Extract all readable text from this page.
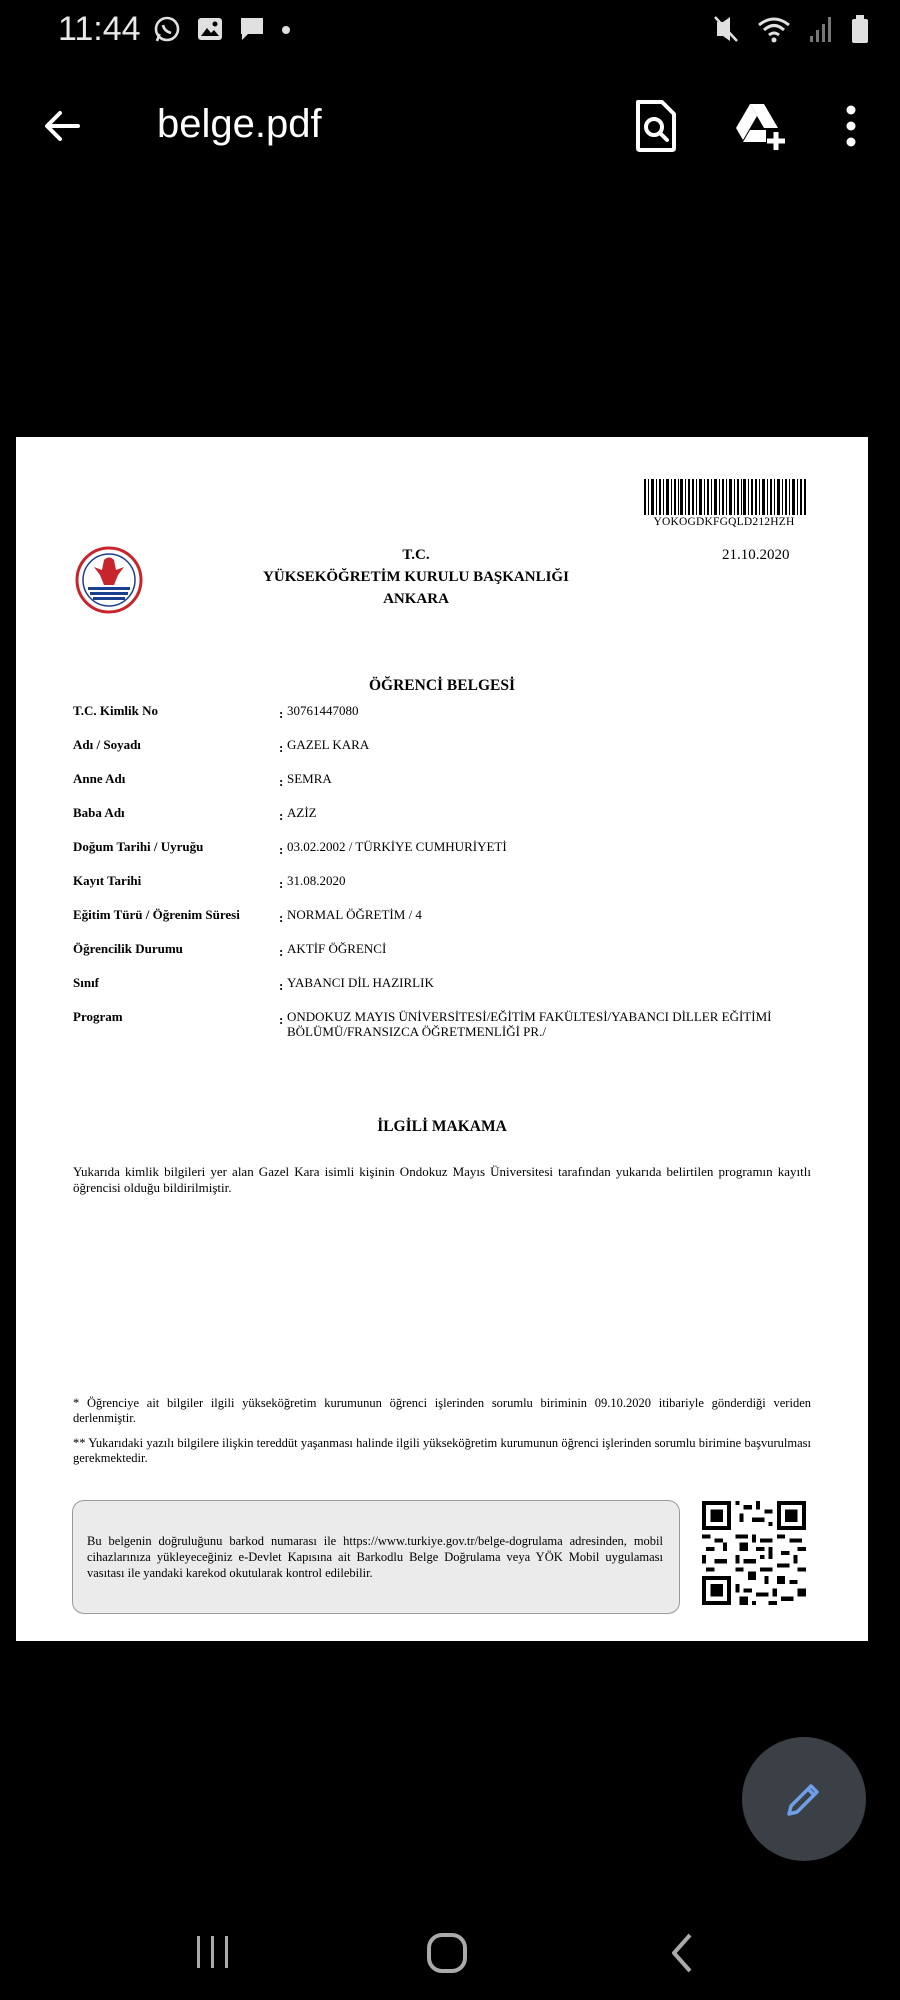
11:44
belge.pdf
YOKOGDKFGQLD212HZH
21.10.2020
T.C.
YÜKSEKÖĞRETİM KURULU BAŞKANLIĞI
ANKARA
ÖĞRENCİ BELGESİ
T.C. Kimlik No	: 30761447080
Adı / Soyadı	: GAZEL KARA
Anne Adı	: SEMRA
Baba Adı	: AZİZ
Doğum Tarihi / Uyruğu	: 03.02.2002 / TÜRKİYE CUMHURİYETİ
Kayıt Tarihi	: 31.08.2020
Eğitim Türü / Öğrenim Süresi	: NORMAL ÖĞRETİM / 4
Öğrencilik Durumu	: AKTİF ÖĞRENCİ
Sınıf	: YABANCI DİL HAZIRLIK
Program	: ONDOKUZ MAYIS ÜNİVERSİTESİ/EĞİTİM FAKÜLTESİ/YABANCI DİLLER EĞİTİMİ BÖLÜMÜ/FRANSIZCA ÖĞRETMENLİĞİ PR./
İLGİLİ MAKAMA
Yukarıda kimlik bilgileri yer alan Gazel Kara isimli kişinin Ondokuz Mayıs Üniversitesi tarafından yukarıda belirtilen programın kayıtlı öğrencisi olduğu bildirilmiştir.
* Öğrenciye ait bilgiler ilgili yükseköğretim kurumunun öğrenci işlerinden sorumlu biriminin 09.10.2020 itibariyle gönderdiği veriden derlenmiştir.
** Yukarıdaki yazılı bilgilere ilişkin tereddüt yaşanması halinde ilgili yükseköğretim kurumunun öğrenci işlerinden sorumlu birimine başvurulması gerekmektedir.
Bu belgenin doğruluğunu barkod numarası ile https://www.turkiye.gov.tr/belge-dogrulama adresinden, mobil cihazlarınıza yükleyeceğiniz e-Devlet Kapısına ait Barkodlu Belge Doğrulama veya YÖK Mobil uygulaması vasıtası ile yandaki karekod okutularak kontrol edilebilir.
